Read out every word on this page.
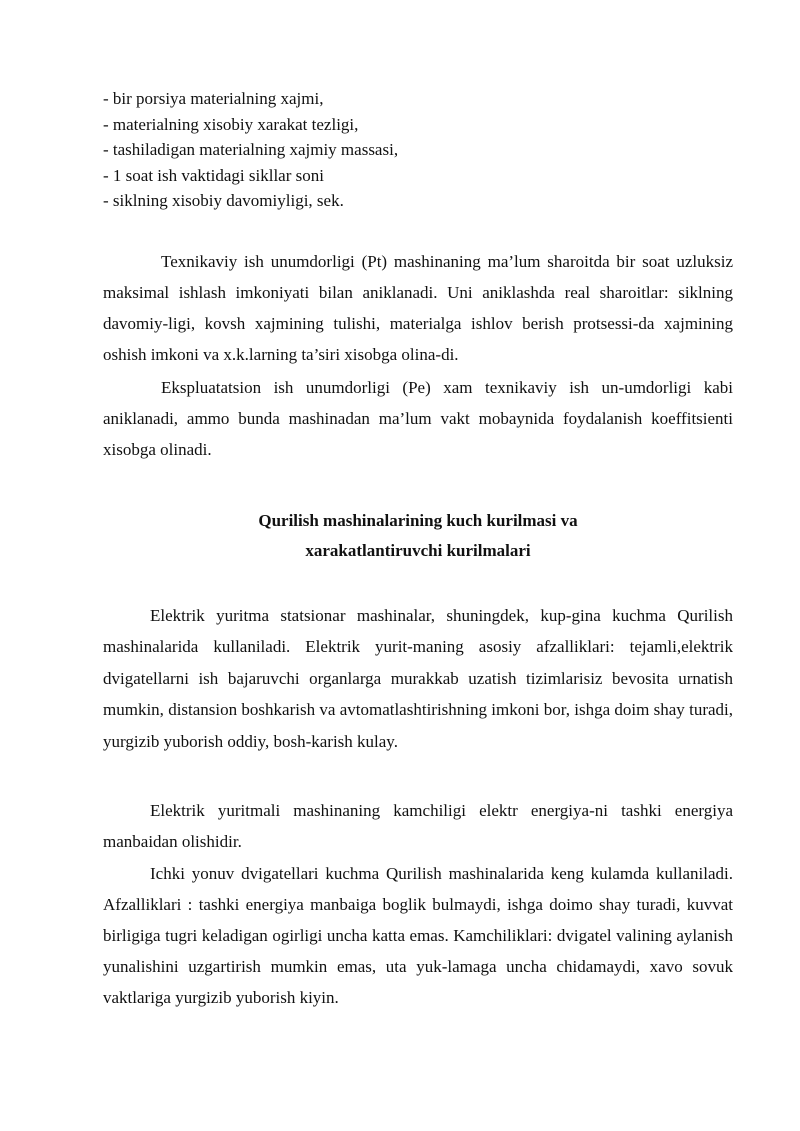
- bir porsiya materialning xajmi,
- materialning xisobiy xarakat tezligi,
- tashiladigan materialning xajmiy massasi,
- 1 soat ish vaktidagi sikllar soni
- siklning xisobiy davomiyligi, sek.

Texnikaviy ish unumdorligi (Pt) mashinaning ma’lum sharoitda bir soat uzluksiz maksimal ishlash imkoniyati bilan aniklanadi. Uni aniklashda real sharoitlar: siklning davomiy-ligi, kovsh xajmining tulishi, materialga ishlov berish protsessi-da xajmining oshish imkoni va x.k.larning ta’siri xisobga olina-di.

Ekspluatatsion ish unumdorligi (Pe) xam texnikaviy ish un-umdorligi kabi aniklanadi, ammo bunda mashinadan ma’lum vakt mobaynida foydalanish koeffitsienti xisobga olinadi.

Qurilish mashinalarining kuch kurilmasi va
xarakatlantiruvchi kurilmalari

Elektrik yuritma statsionar mashinalar, shuningdek, kup-gina kuchma Qurilish mashinalarida kullaniladi. Elektrik yurit-maning asosiy afzalliklari: tejamli,elektrik dvigatellarni ish bajaruvchi organlarga murakkab uzatish tizimlarisiz bevosita urnatish mumkin, distansion boshkarish va avtomatlashtirishning imkoni bor, ishga doim shay turadi, yurgizib yuborish oddiy, bosh-karish kulay.

Elektrik yuritmali mashinaning kamchiligi elektr energiya-ni tashki energiya manbaidan olishidir.

Ichki yonuv dvigatellari kuchma Qurilish mashinalarida keng kulamda kullaniladi. Afzalliklari : tashki energiya manbaiga boglik bulmaydi, ishga doimo shay turadi, kuvvat birligiga tugri keladigan ogirligi uncha katta emas. Kamchiliklari: dvigatel valining aylanish yunalishini uzgartirish mumkin emas, uta yuk-lamaga uncha chidamaydi, xavo sovuk vaktlariga yurgizib yuborish kiyin.
